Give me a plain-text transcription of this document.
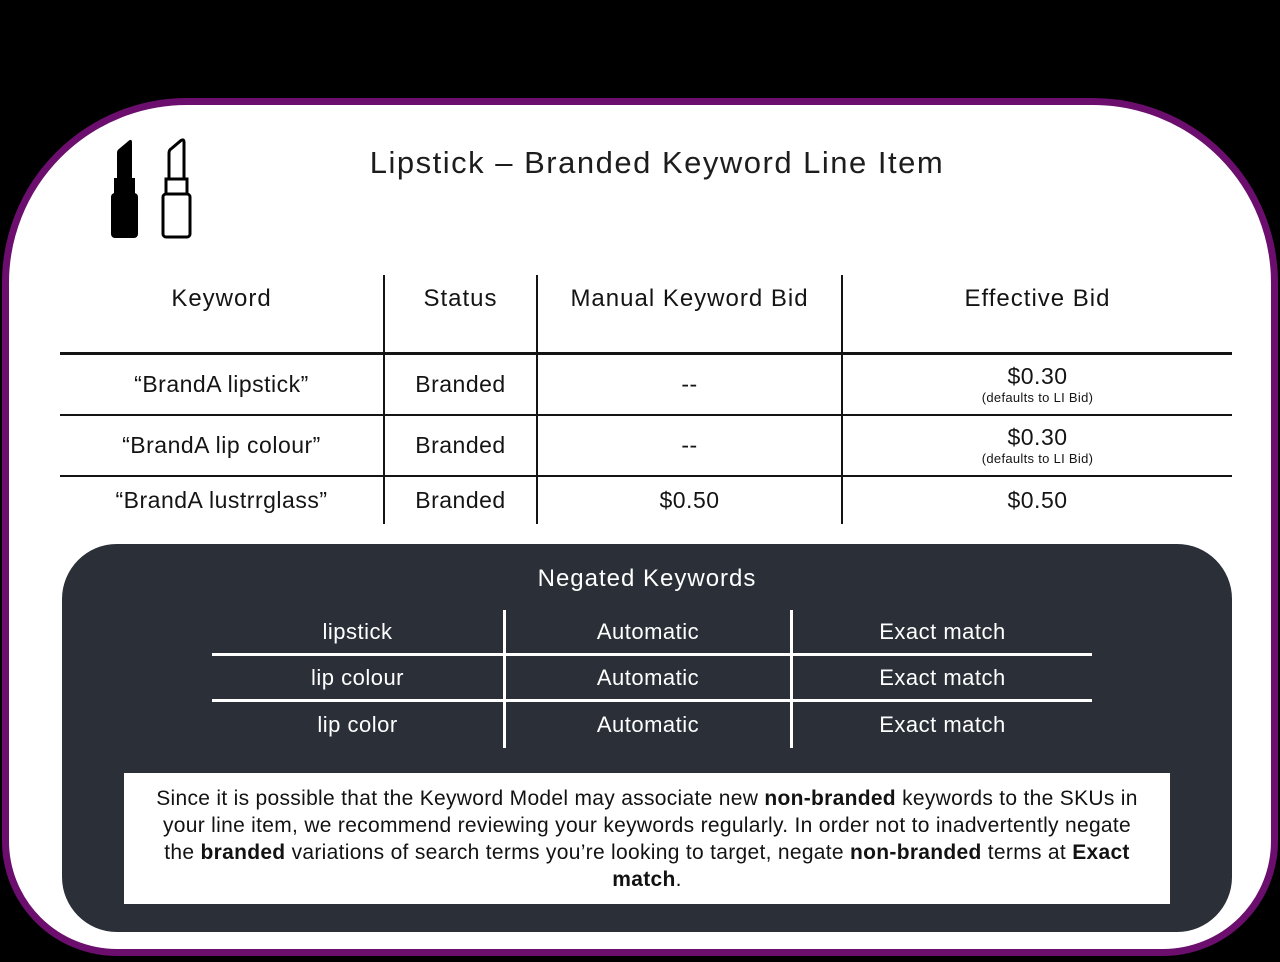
Lipstick – Branded Keyword Line Item
Line Item Bid = $0.30
Keyword	Status	Manual Keyword Bid	Effective Bid
“BrandA lipstick”	Branded	--	$0.30
(defaults to LI Bid)
“BrandA lip colour”	Branded	--	$0.30
(defaults to LI Bid)
“BrandA lustrrglass”	Branded	$0.50	$0.50
Negated Keywords
lipstick	Automatic	Exact match
lip colour	Automatic	Exact match
lip color	Automatic	Exact match
Since it is possible that the Keyword Model may associate new non-branded keywords to the SKUs in your line item, we recommend reviewing your keywords regularly. In order not to inadvertently negate the branded variations of search terms you’re looking to target, negate non-branded terms at Exact match.
